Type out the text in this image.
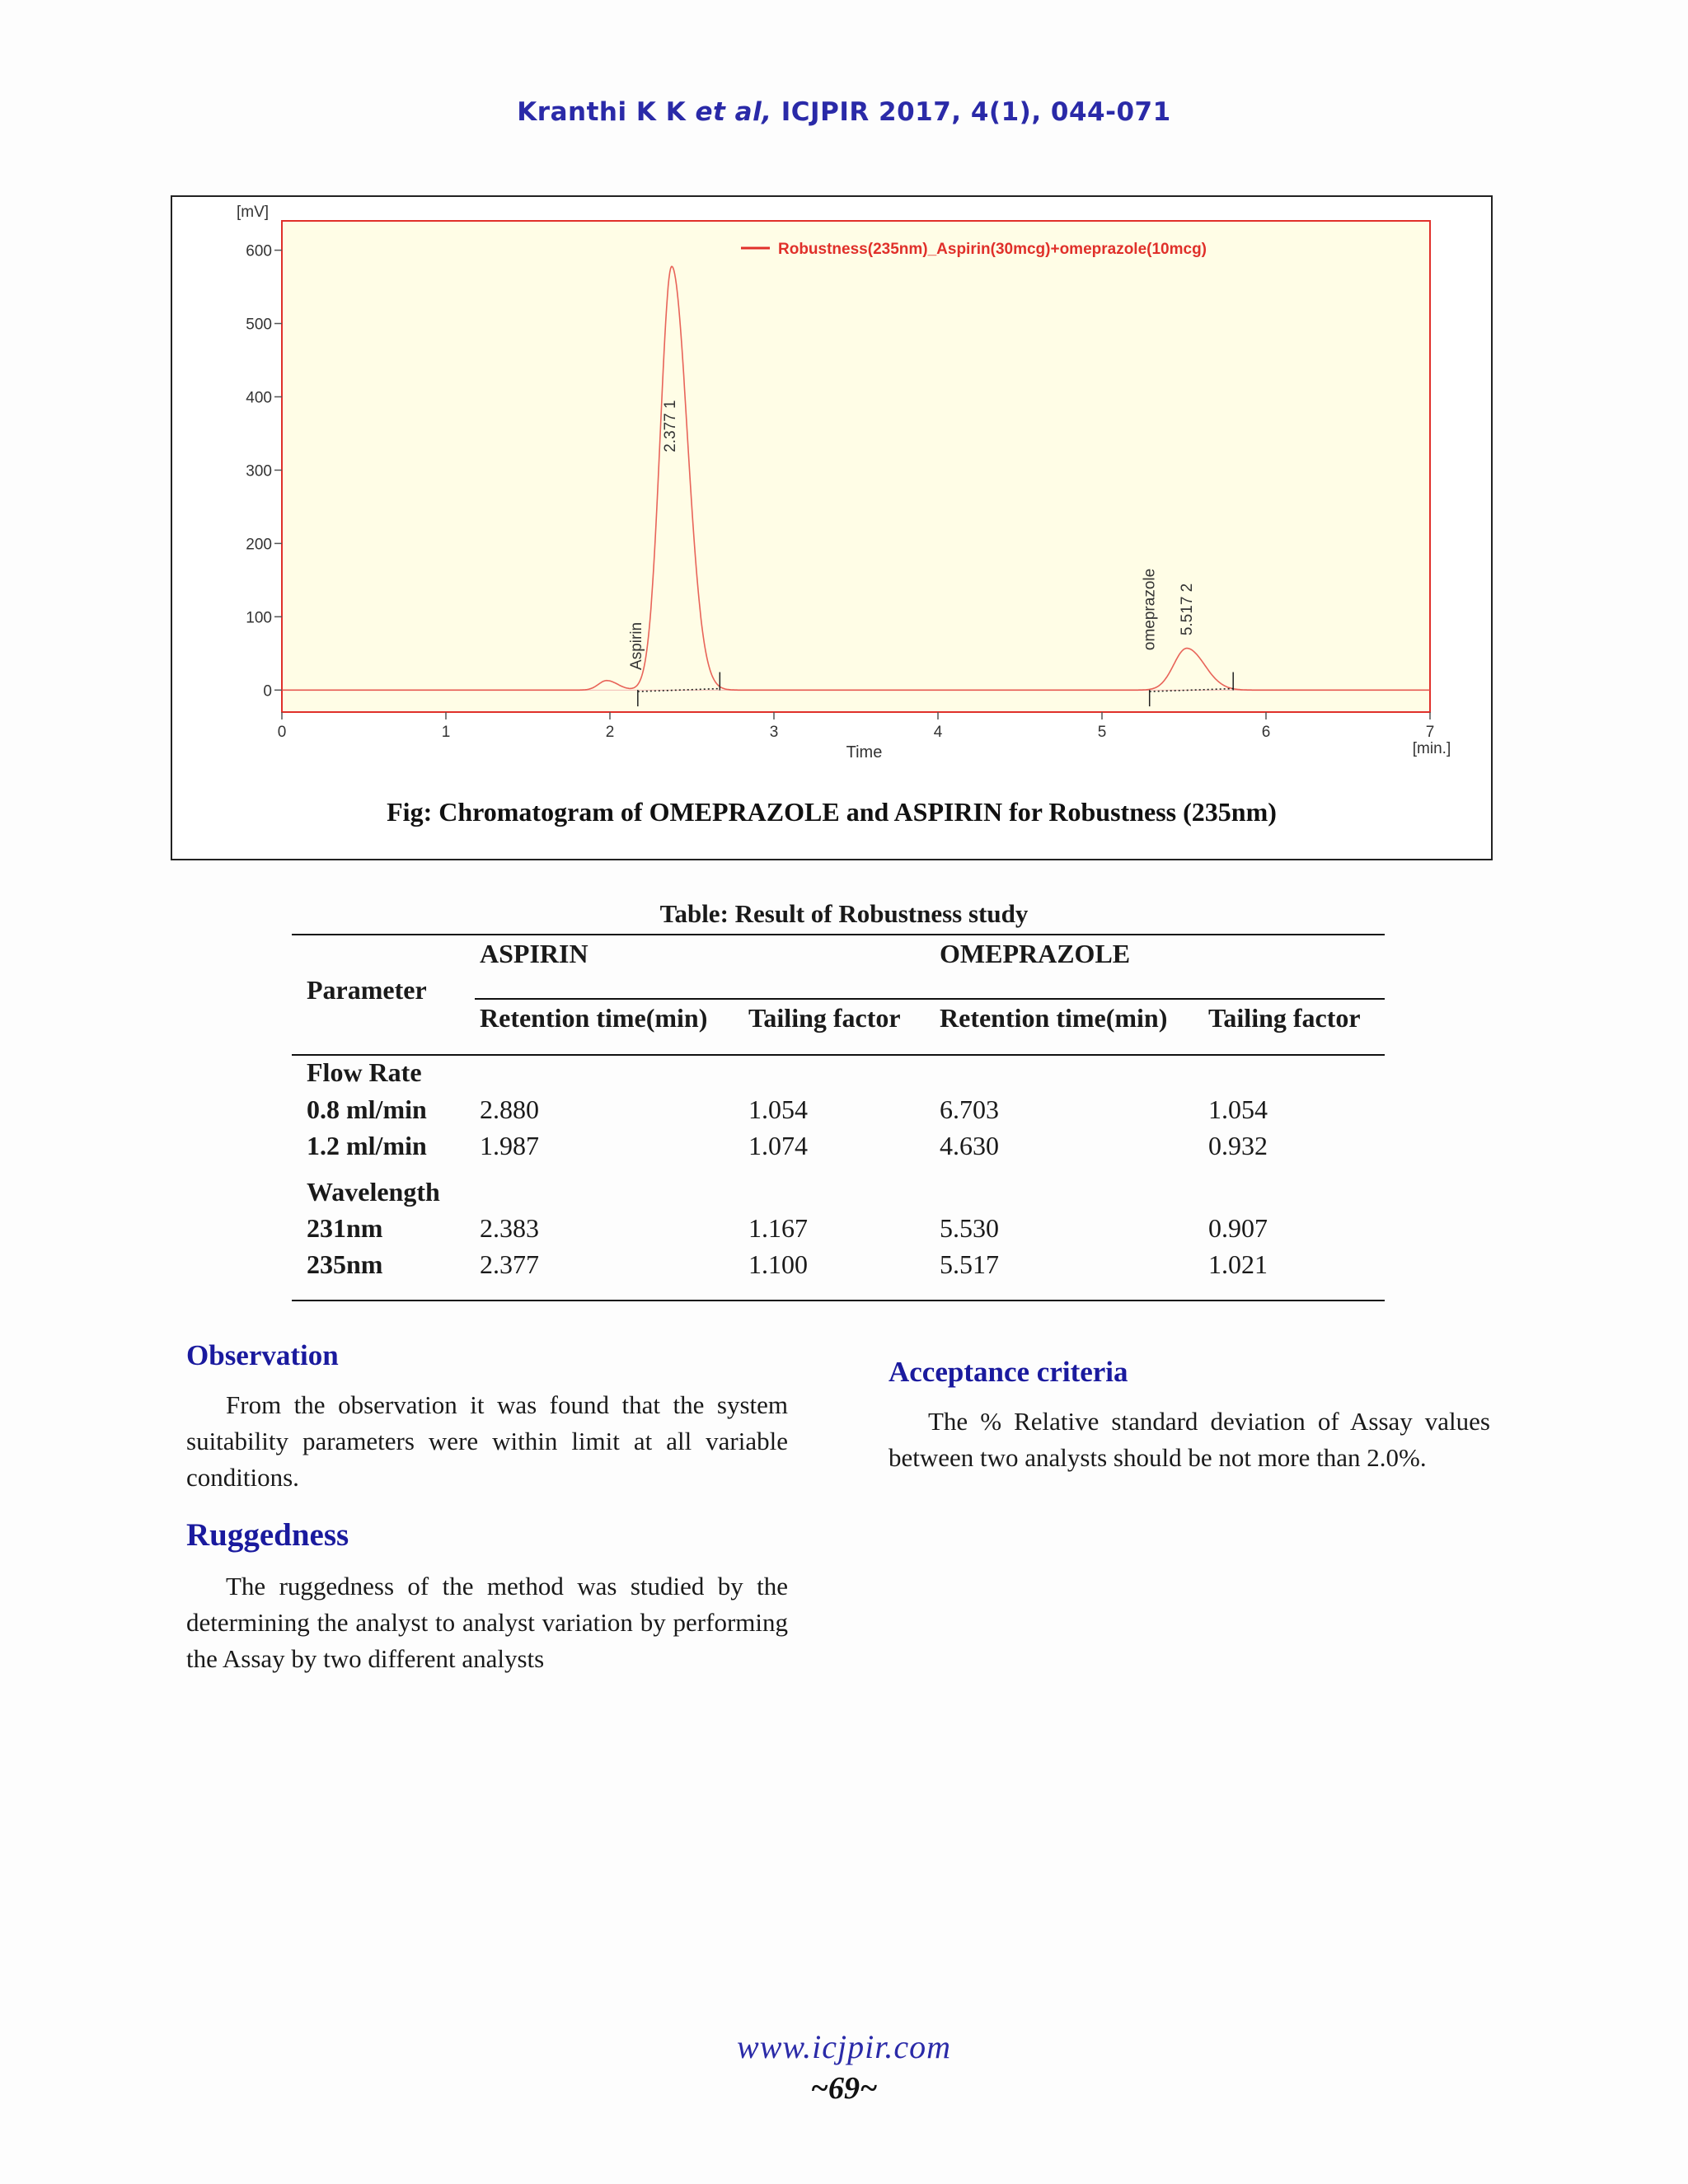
Kranthi K K et al, ICJPIR 2017, 4(1), 044-071
0
100
200
300
400
500
600
0	1	2	3	4	5	6	7
[mV]
Time	[min.]
Robustness(235nm)_Aspirin(30mcg)+omeprazole(10mcg)
Aspirin
2.377 1
omeprazole 5.517 2
Fig: Chromatogram of OMEPRAZOLE and ASPIRIN for Robustness (235nm)
Table: Result of Robustness study
ASPIRIN	OMEPRAZOLE
Parameter
Retention time(min) Tailing factor Retention time(min) Tailing factor
Flow Rate
0.8 ml/min 2.880	1.054	6.703	1.054
1.2 ml/min 1.987	1.074	4.630	0.932
Wavelength
231nm	2.383	1.167	5.530	0.907
235nm	2.377	1.100	5.517	1.021
Observation
From the observation it was found that the system suitability parameters were within limit at all variable conditions.
Ruggedness
The ruggedness of the method was studied by the determining the analyst to analyst variation by performing the Assay by two different analysts
Acceptance criteria
The % Relative standard deviation of Assay values between two analysts should be not more than 2.0%.
www.icjpir.com
~69~
